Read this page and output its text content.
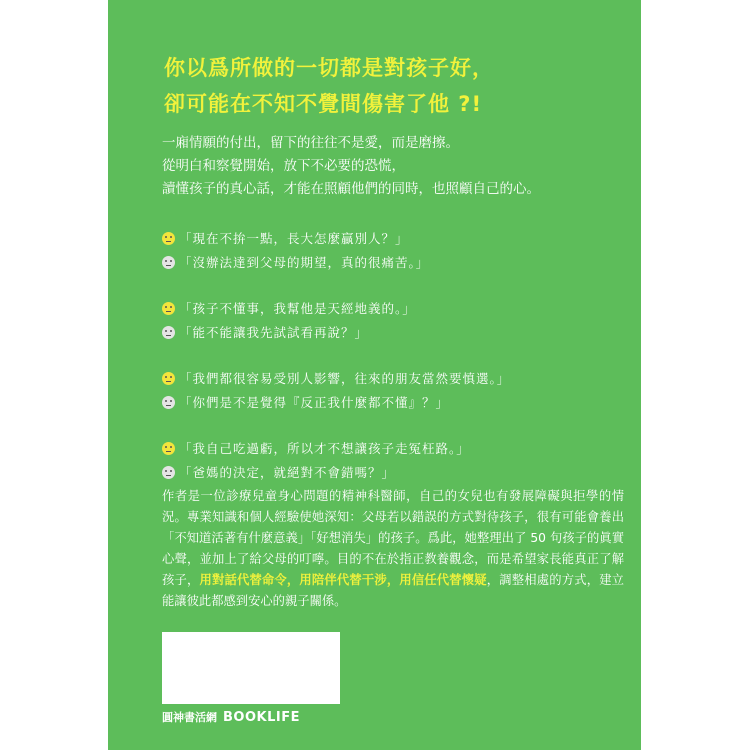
你以爲所做的一切都是對孩子好，
卻可能在不知不覺間傷害了他 ?!
一廂情願的付出，留下的往往不是愛，而是磨擦。
從明白和察覺開始，放下不必要的恐慌，
讀懂孩子的真心話，才能在照顧他們的同時，也照顧自己的心。
「現在不拚一點，長大怎麼贏別人？」
「沒辦法達到父母的期望，真的很痛苦。」
「孩子不懂事，我幫他是天經地義的。」
「能不能讓我先試試看再說？」
「我們都很容易受別人影響，往來的朋友當然要慎選。」
「你們是不是覺得『反正我什麼都不懂』？」
「我自己吃過虧，所以才不想讓孩子走冤枉路。」
「爸媽的決定，就絕對不會錯嗎？」
作者是一位診療兒童身心問題的精神科醫師，自己的女兒也有發展障礙與拒學的情況。專業知識和個人經驗使她深知：父母若以錯誤的方式對待孩子，很有可能會養出「不知道活著有什麼意義」「好想消失」的孩子。爲此，她整理出了 50 句孩子的眞實心聲，並加上了給父母的叮嚀。目的不在於指正教養觀念，而是希望家長能真正了解孩子，用對話代替命令，用陪伴代替干涉，用信任代替懷疑，調整相處的方式，建立能讓彼此都感到安心的親子關係。
圓神書活網 BOOKLIFE
